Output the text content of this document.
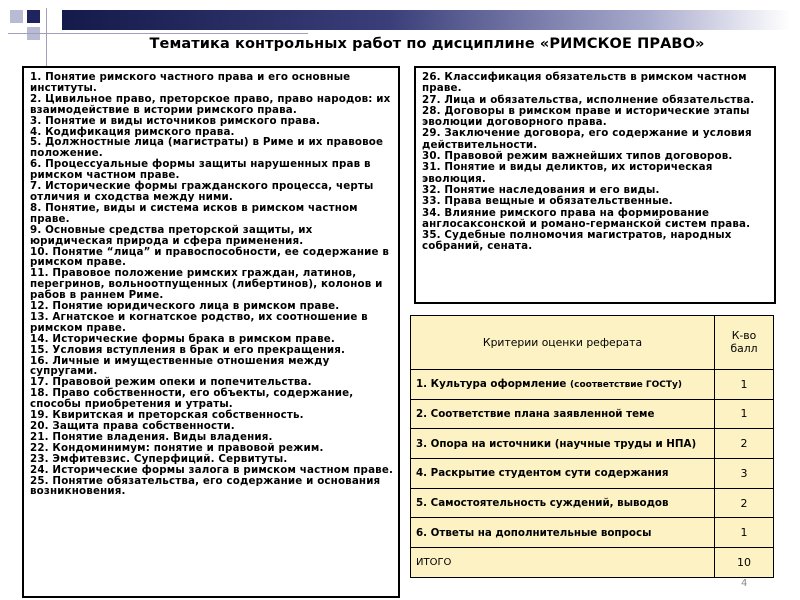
Тематика контрольных работ по дисциплине «РИМСКОЕ ПРАВО»
1. Понятие римского частного права и его основные институты.
2. Цивильное право, преторское право, право народов: их взаимодействие в истории римского права.
3. Понятие и виды источников римского права.
4. Кодификация римского права.
5. Должностные лица (магистраты) в Риме и их правовое положение.
6. Процессуальные формы защиты нарушенных прав в римском частном праве.
7. Исторические формы гражданского процесса, черты отличия и сходства между ними.
8. Понятие, виды и система исков в римском частном праве.
9. Основные средства преторской защиты, их юридическая природа и сфера применения.
10. Понятие “лица” и правоспособности, ее содержание в римском праве.
11. Правовое положение римских граждан, латинов, перегринов, вольноотпущенных (либертинов), колонов и рабов в раннем Риме.
12. Понятие юридического лица в римском праве.
13. Агнатское и когнатское родство, их соотношение в римском праве.
14. Исторические формы брака в римском праве.
15. Условия вступления в брак и его прекращения.
16. Личные и имущественные отношения между супругами.
17. Правовой режим опеки и попечительства.
18. Право собственности, его объекты, содержание, способы приобретения и утраты.
19. Квиритская и преторская собственность.
20. Защита права собственности.
21. Понятие владения. Виды владения.
22. Кондоминимум: понятие и правовой режим.
23. Эмфитевзис. Суперфиций. Сервитуты.
24. Исторические формы залога в римском частном праве.
25. Понятие обязательства, его содержание и основания возникновения.
26. Классификация обязательств в римском частном праве.
27. Лица и обязательства, исполнение обязательства.
28. Договоры в римском праве и исторические этапы эволюции договорного права.
29. Заключение договора, его содержание и условия действительности.
30. Правовой режим важнейших типов договоров.
31. Понятие и виды деликтов, их историческая эволюция.
32. Понятие наследования и его виды.
33. Права вещные и обязательственные.
34. Влияние римского права на формирование англосаксонской и романо-германской систем права.
35. Судебные полномочия магистратов, народных собраний, сената.
Критерии оценки реферата	К-во балл
1. Культура оформление (соответствие ГОСТу)	1
2. Соответствие плана заявленной теме	1
3. Опора на источники (научные труды и НПА)	2
4. Раскрытие студентом сути содержания	3
5. Самостоятельность суждений, выводов	2
6. Ответы на дополнительные вопросы	1
ИТОГО	10
4
